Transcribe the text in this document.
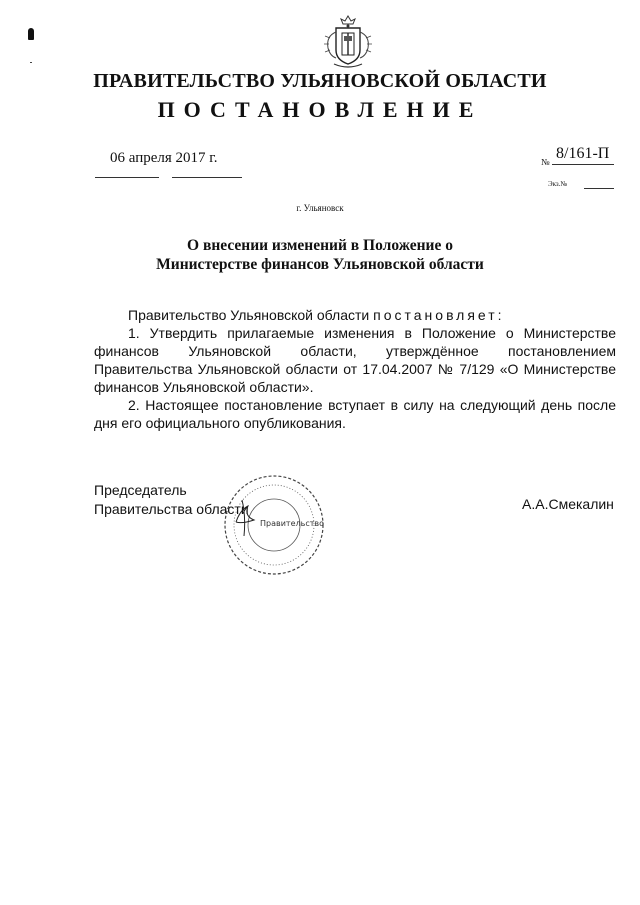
ПРАВИТЕЛЬСТВО УЛЬЯНОВСКОЙ ОБЛАСТИ
ПОСТАНОВЛЕНИЕ
06 апреля 2017 г.	№ 8/161-П
Экз.№
г. Ульяновск
О внесении изменений в Положение о Министерстве финансов Ульяновской области

Правительство Ульяновской области постановляет:

1. Утвердить прилагаемые изменения в Положение о Министерстве финансов Ульяновской области, утверждённое постановлением Правительства Ульяновской области от 17.04.2007 № 7/129 «О Министерстве финансов Ульяновской области».

2. Настоящее постановление вступает в силу на следующий день после дня его официального опубликования.

Председатель
Правительства области	А.А.Смекалин
Правительство
